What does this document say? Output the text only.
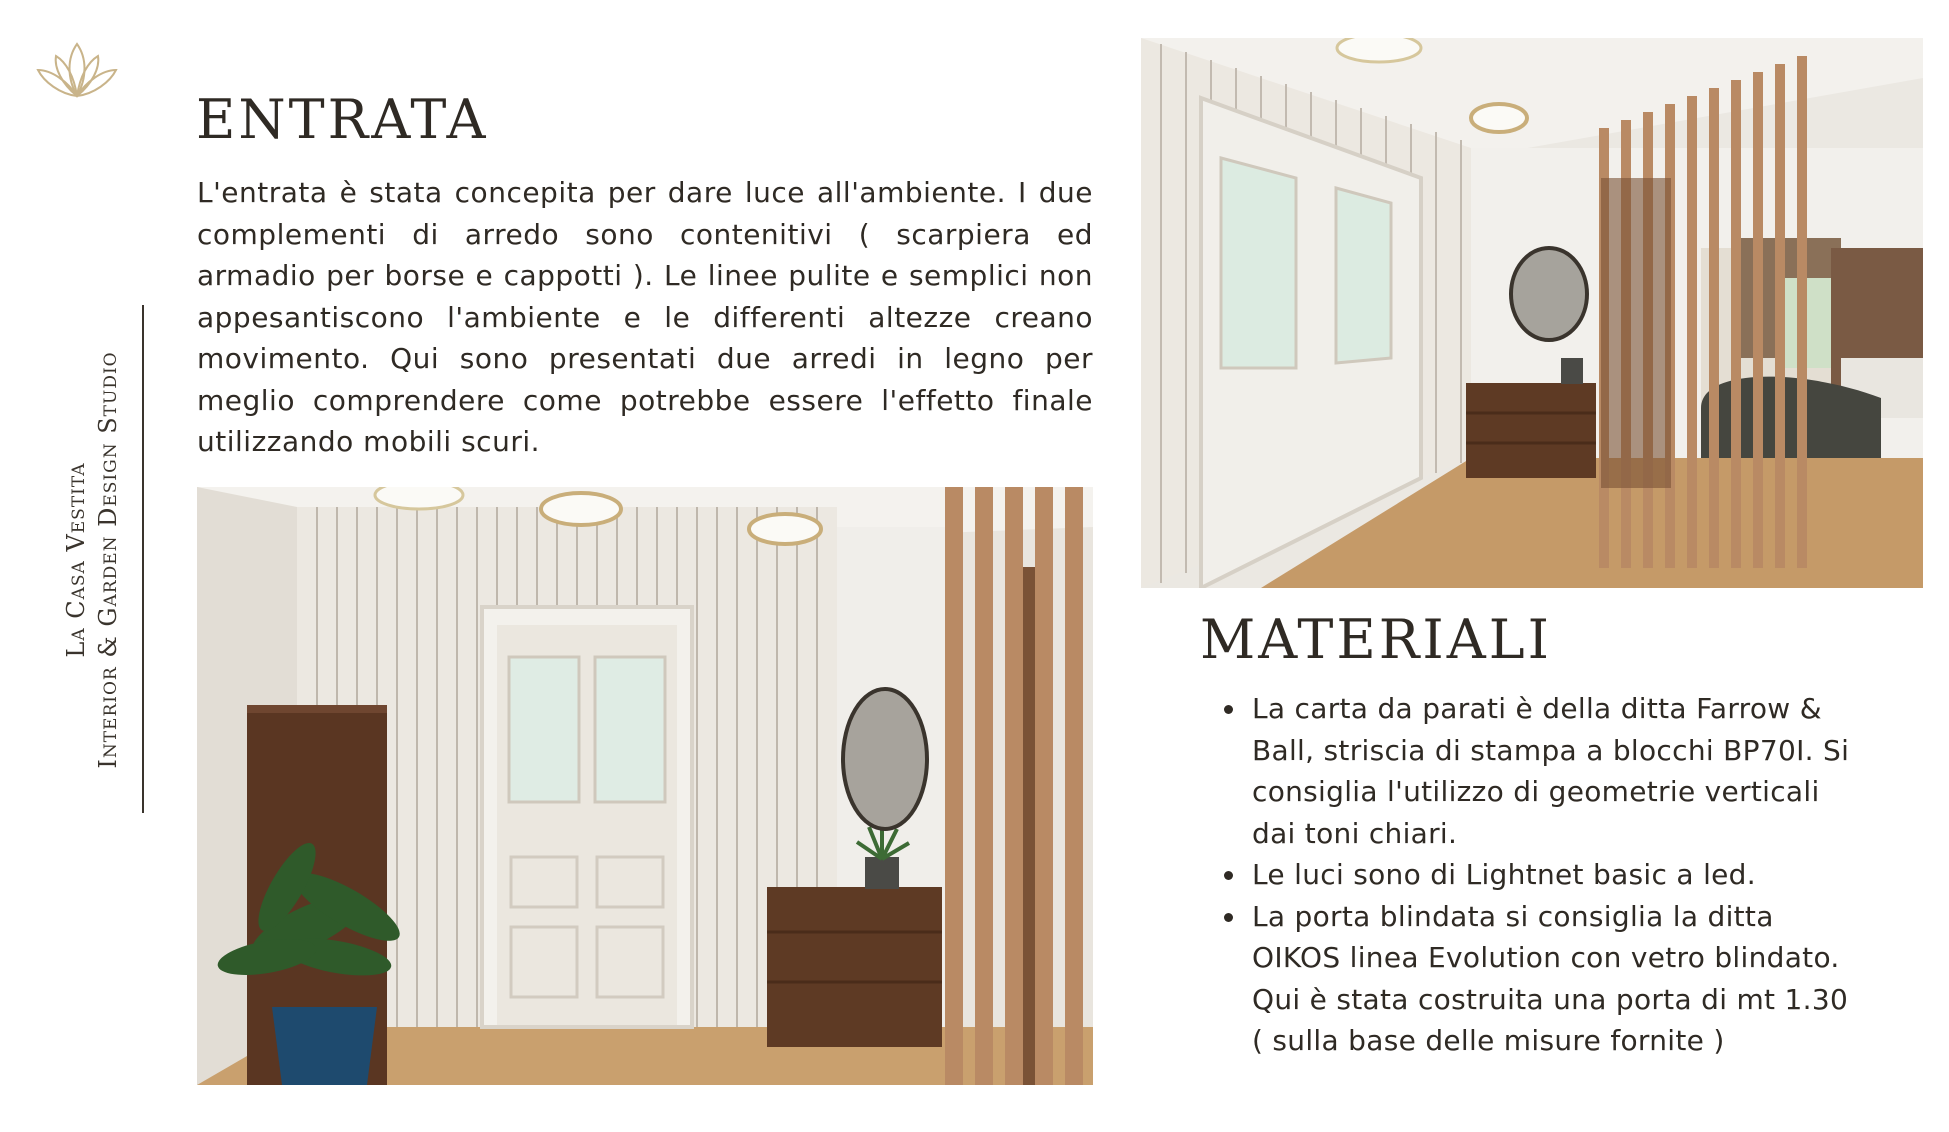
La Casa Vestita Interior & Garden Design Studio
ENTRATA

L'entrata è stata concepita per dare luce all'ambiente. I due complementi di arredo sono contenitivi ( scarpiera ed armadio per borse e cappotti ). Le linee pulite e semplici non appesantiscono l'ambiente e le differenti altezze creano movimento. Qui sono presentati due arredi in legno per meglio comprendere come potrebbe essere l'effetto finale utilizzando mobili scuri.

MATERIALI
La carta da parati è della ditta Farrow & Ball, striscia di stampa a blocchi BP70I. Si consiglia l'utilizzo di geometrie verticali dai toni chiari.
Le luci sono di Lightnet basic a led.
La porta blindata si consiglia la ditta OIKOS linea Evolution con vetro blindato. Qui è stata costruita una porta di mt 1.30 ( sulla base delle misure fornite )
